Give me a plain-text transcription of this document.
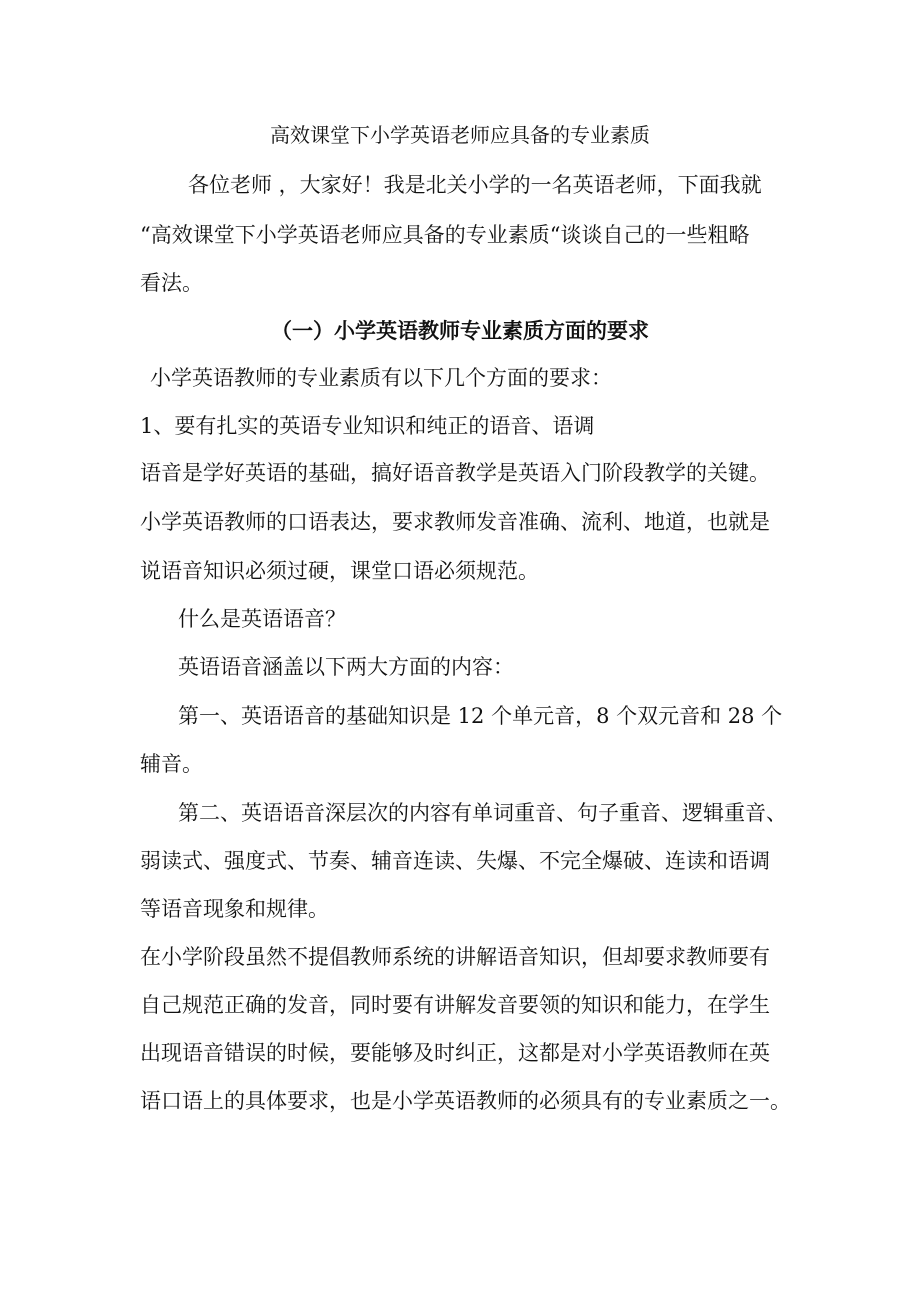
高效课堂下小学英语老师应具备的专业素质
各位老师 ，大家好！我是北关小学的一名英语老师，下面我就
“高效课堂下小学英语老师应具备的专业素质“谈谈自己的一些粗略
看法。
（一）小学英语教师专业素质方面的要求
小学英语教师的专业素质有以下几个方面的要求：
1、要有扎实的英语专业知识和纯正的语音、语调
语音是学好英语的基础，搞好语音教学是英语入门阶段教学的关键。
小学英语教师的口语表达，要求教师发音准确、流利、地道，也就是
说语音知识必须过硬，课堂口语必须规范。
什么是英语语音？
英语语音涵盖以下两大方面的内容：
第一、英语语音的基础知识是 12 个单元音，8 个双元音和 28 个
辅音。
第二、英语语音深层次的内容有单词重音、句子重音、逻辑重音、
弱读式、强度式、节奏、辅音连读、失爆、不完全爆破、连读和语调
等语音现象和规律。
在小学阶段虽然不提倡教师系统的讲解语音知识，但却要求教师要有
自己规范正确的发音，同时要有讲解发音要领的知识和能力，在学生
出现语音错误的时候，要能够及时纠正，这都是对小学英语教师在英
语口语上的具体要求，也是小学英语教师的必须具有的专业素质之一。
